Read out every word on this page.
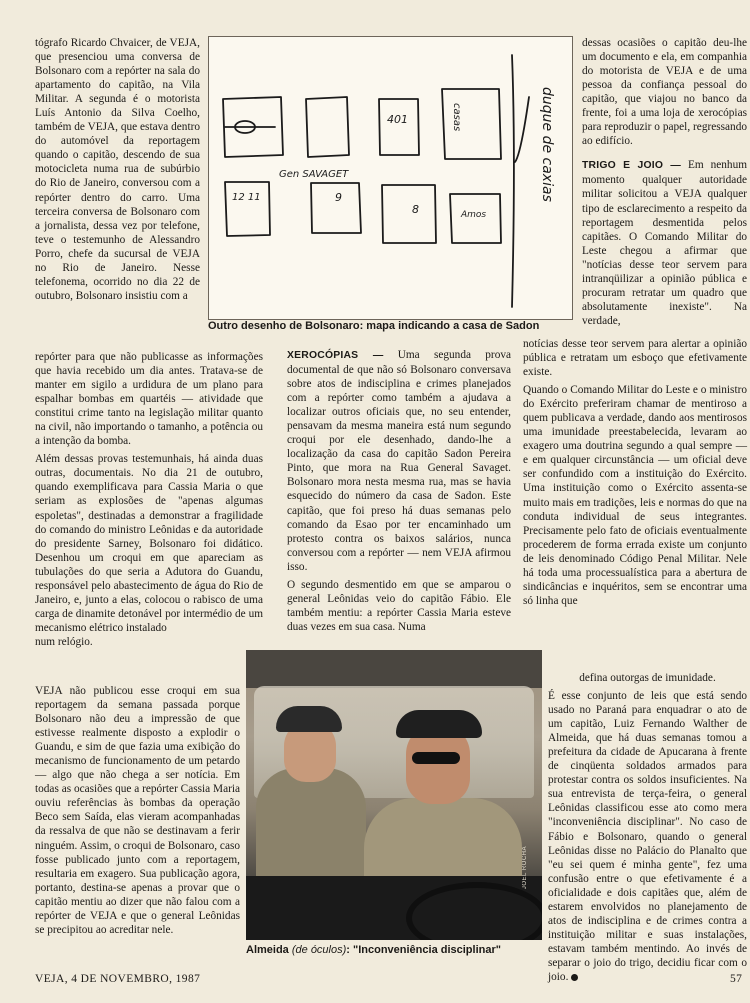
tógrafo Ricardo Chvaicer, de VEJA, que presenciou uma conversa de Bolsonaro com a repórter na sala do apartamento do capitão, na Vila Militar. A segunda é o motorista Luís Antonio da Silva Coelho, também de VEJA, que estava dentro do automóvel da reportagem quando o capitão, descendo de sua motocicleta numa rua de subúrbio do Rio de Janeiro, conversou com a repórter dentro do carro. Uma terceira conversa de Bolsonaro com a jornalista, dessa vez por telefone, teve o testemunho de Alessandro Porro, chefe da sucursal de VEJA no Rio de Janeiro. Nesse telefonema, ocorrido no dia 22 de outubro, Bolsonaro insistiu com a

repórter para que não publicasse as informações que havia recebido um dia antes. Tratava-se de manter em sigilo a urdidura de um plano para espalhar bombas em quartéis — atividade que constitui crime tanto na legislação militar quanto na civil, não importando o tamanho, a potência ou a intenção da bomba.

Além dessas provas testemunhais, há ainda duas outras, documentais. No dia 21 de outubro, quando exemplificava para Cassia Maria o que seriam as explosões de "apenas algumas espoletas", destinadas a demonstrar a fragilidade do comando do ministro Leônidas e da autoridade do presidente Sarney, Bolsonaro foi didático. Desenhou um croqui em que apareciam as tubulações do que seria a Adutora do Guandu, responsável pelo abastecimento de água do Rio de Janeiro, e, junto a elas, colocou o rabisco de uma carga de dinamite detonável por intermédio de um mecanismo elétrico instalado

num relógio.

VEJA não publicou esse croqui em sua reportagem da semana passada porque Bolsonaro não deu a impressão de que estivesse realmente disposto a explodir o Guandu, e sim de que fazia uma exibição do mecanismo de funcionamento de um petardo — algo que não chega a ser notícia. Em todas as ocasiões que a repórter Cassia Maria ouviu referências às bombas da operação Beco sem Saída, elas vieram acompanhadas da ressalva de que não se destinavam a ferir ninguém. Assim, o croqui de Bolsonaro, caso fosse publicado junto com a reportagem, resultaria em exagero. Sua publicação agora, portanto, destina-se apenas a provar que o capitão mentiu ao dizer que não falou com a repórter de VEJA e que o general Leônidas se precipitou ao acreditar nele.

Gen SAVAGET
401	casas
12 11	9
8	Amos
duque de caxias
Outro desenho de Bolsonaro: mapa indicando a casa de Sadon

XEROCÓPIAS — Uma segunda prova documental de que não só Bolsonaro conversava sobre atos de indisciplina e crimes planejados com a repórter como também a ajudava a localizar outros oficiais que, no seu entender, pensavam da mesma maneira está num segundo croqui por ele desenhado, dando-lhe a localização da casa do capitão Sadon Pereira Pinto, que mora na Rua General Savaget. Bolsonaro mora nesta mesma rua, mas se havia esquecido do número da casa de Sadon. Este capitão, que foi preso há duas semanas pelo comando da Esao por ter encaminhado um protesto contra os baixos salários, nunca conversou com a repórter — nem VEJA afirmou isso.

O segundo desmentido em que se amparou o general Leônidas veio do capitão Fábio. Ele também mentiu: a repórter Cassia Maria esteve duas vezes em sua casa. Numa

JOEL ROCHA
Almeida (de óculos): "Inconveniência disciplinar"

dessas ocasiões o capitão deu-lhe um documento e ela, em companhia do motorista de VEJA e de uma pessoa da confiança pessoal do capitão, que viajou no banco da frente, foi a uma loja de xerocópias para reproduzir o papel, regressando ao edifício.

TRIGO E JOIO — Em nenhum momento qualquer autoridade militar solicitou a VEJA qualquer tipo de esclarecimento a respeito da reportagem desmentida pelos capitães. O Comando Militar do Leste chegou a afirmar que "notícias desse teor servem para intranqüilizar a opinião pública e procuram retratar um quadro que absolutamente inexiste". Na verdade,

notícias desse teor servem para alertar a opinião pública e retratam um esboço que efetivamente existe.

Quando o Comando Militar do Leste e o ministro do Exército preferiram chamar de mentiroso a quem publicava a verdade, dando aos mentirosos uma imunidade preestabelecida, levaram ao exagero uma doutrina segundo a qual sempre — e em qualquer circunstância — um oficial deve ser confundido com a instituição do Exército. Uma instituição como o Exército assenta-se muito mais em tradições, leis e normas do que na conduta individual de seus integrantes. Precisamente pelo fato de oficiais eventualmente procederem de forma errada existe um conjunto de leis denominado Código Penal Militar. Nele há toda uma processualística para a abertura de sindicâncias e inquéritos, sem se encontrar uma só linha que

defina outorgas de imunidade.

É esse conjunto de leis que está sendo usado no Paraná para enquadrar o ato de um capitão, Luiz Fernando Walther de Almeida, que há duas semanas tomou a prefeitura da cidade de Apucarana à frente de cinqüenta soldados armados para protestar contra os soldos insuficientes. Na sua entrevista de terça-feira, o general Leônidas classificou esse ato como mera "inconveniência disciplinar". No caso de Fábio e Bolsonaro, quando o general Leônidas disse no Palácio do Planalto que "eu sei quem é minha gente", fez uma confusão entre o que efetivamente é a oficialidade e dois capitães que, além de estarem envolvidos no planejamento de atos de indisciplina e de crimes contra a instituição militar e suas instalações, estavam também mentindo. Ao invés de separar o joio do trigo, decidiu ficar com o joio.

VEJA, 4 DE NOVEMBRO, 1987	57
